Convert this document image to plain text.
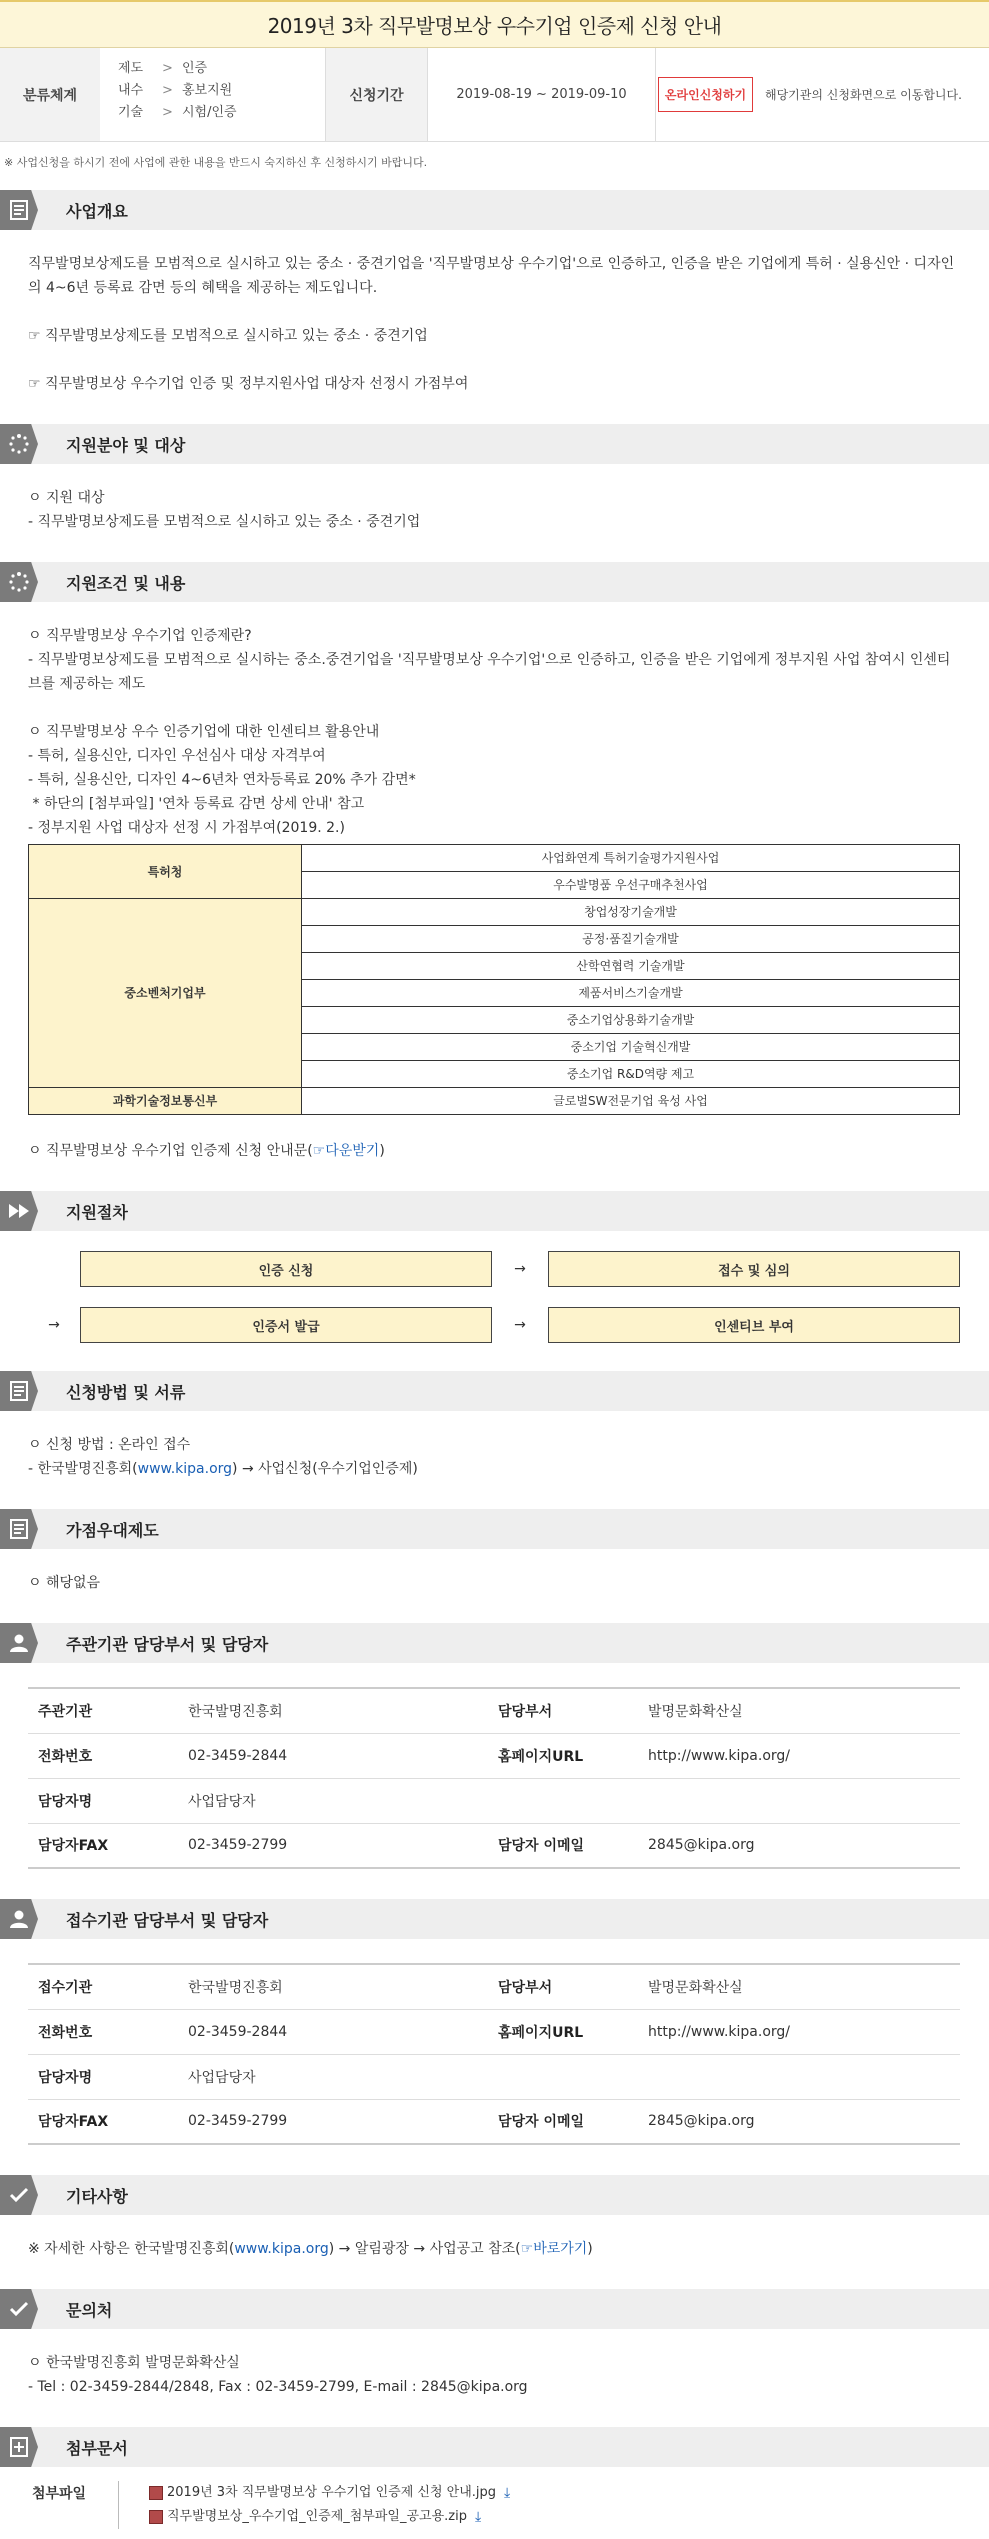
2019년 3차 직무발명보상 우수기업 인증제 신청 안내
분류체계
제도	> 인증
내수	> 홍보지원
기술	> 시험/인증
신청기간	2019-08-19 ~ 2019-09-10	온라인신청하기	해당기관의 신청화면으로 이동합니다.
※ 사업신청을 하시기 전에 사업에 관한 내용을 반드시 숙지하신 후 신청하시기 바랍니다.
사업개요

직무발명보상제도를 모범적으로 실시하고 있는 중소 · 중견기업을 '직무발명보상 우수기업'으로 인증하고, 인증을 받은 기업에게 특허 · 실용신안 · 디자인의 4~6년 등록료 감면 등의 혜택을 제공하는 제도입니다.

☞ 직무발명보상제도를 모범적으로 실시하고 있는 중소 · 중견기업

☞ 직무발명보상 우수기업 인증 및 정부지원사업 대상자 선정시 가점부여

지원분야 및 대상

ㅇ 지원 대상

- 직무발명보상제도를 모범적으로 실시하고 있는 중소 · 중견기업

지원조건 및 내용

ㅇ 직무발명보상 우수기업 인증제란?

- 직무발명보상제도를 모범적으로 실시하는 중소.중견기업을 '직무발명보상 우수기업'으로 인증하고, 인증을 받은 기업에게 정부지원 사업 참여시 인센티브를 제공하는 제도

ㅇ 직무발명보상 우수 인증기업에 대한 인센티브 활용안내

- 특허, 실용신안, 디자인 우선심사 대상 자격부여

- 특허, 실용신안, 디자인 4~6년차 연차등록료 20% 추가 감면*

* 하단의 [첨부파일] '연차 등록료 감면 상세 안내' 참고

- 정부지원 사업 대상자 선정 시 가점부여(2019. 2.)

특허청	사업화연계 특허기술평가지원사업
	우수발명품 우선구매추천사업
중소벤처기업부	창업성장기술개발
	공정·품질기술개발
	산학연협력 기술개발
	제품서비스기술개발
	중소기업상용화기술개발
	중소기업 기술혁신개발
	중소기업 R&D역량 제고
과학기술정보통신부	글로벌SW전문기업 육성 사업

ㅇ 직무발명보상 우수기업 인증제 신청 안내문(☞다운받기)

지원절차
인증 신청	→	접수 및 심의
→	인증서 발급	→	인센티브 부여
신청방법 및 서류

ㅇ 신청 방법 : 온라인 접수

- 한국발명진흥회(www.kipa.org) → 사업신청(우수기업인증제)

가점우대제도

ㅇ 해당없음

주관기관 담당부서 및 담당자
주관기관	한국발명진흥회	담당부서	발명문화확산실
전화번호	02-3459-2844	홈페이지URL	http://www.kipa.org/
담당자명	사업담당자		
담당자FAX	02-3459-2799	담당자 이메일	2845@kipa.org
접수기관 담당부서 및 담당자
접수기관	한국발명진흥회	담당부서	발명문화확산실
전화번호	02-3459-2844	홈페이지URL	http://www.kipa.org/
담당자명	사업담당자		
담당자FAX	02-3459-2799	담당자 이메일	2845@kipa.org
기타사항

※ 자세한 사항은 한국발명진흥회(www.kipa.org) → 알림광장 → 사업공고 참조(☞바로가기)

문의처

ㅇ 한국발명진흥회 발명문화확산실

- Tel : 02-3459-2844/2848, Fax : 02-3459-2799, E-mail : 2845@kipa.org

첨부문서
첨부파일	2019년 3차 직무발명보상 우수기업 인증제 신청 안내.jpg ⤓
직무발명보상_우수기업_인증제_첨부파일_공고용.zip ⤓
